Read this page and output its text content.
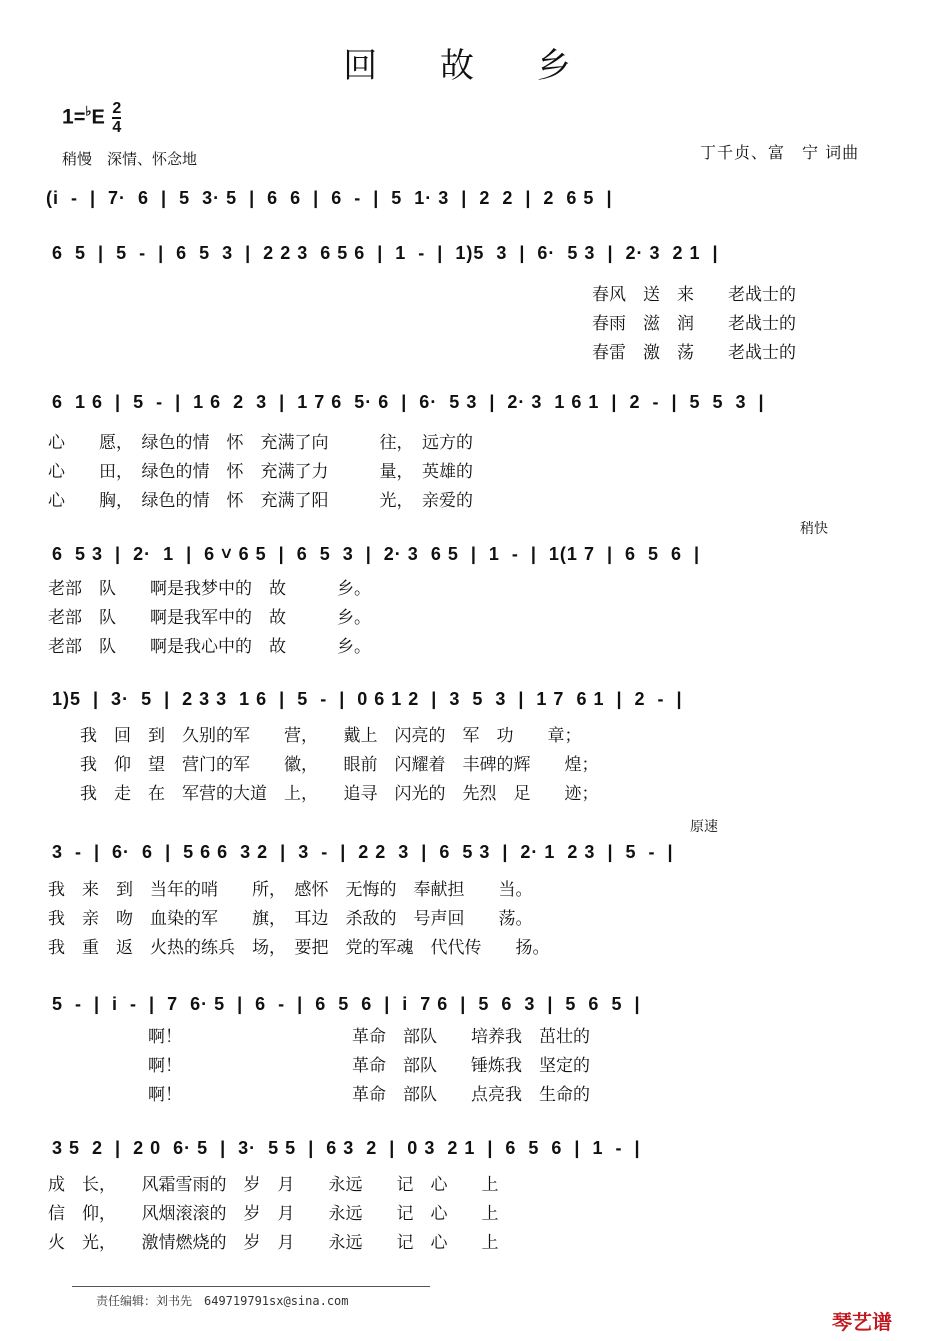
回 故 乡
$1=^♭E \frac{2}{4}$
稍慢　深情、怀念地	丁千贞、富　宁 词曲
(i  -  |  7·  6  |  5  3· 5  |  6  6  |  6  -  |  5  1· 3  |  2  2  |  2  6 5  |
6  5  |  5  -  |  6  5  3  |  2 2 3  6 5 6  |  1  -  |  1)5  3  |  6·  5 3  |  2· 3  2 1  |
春风　送　来　　老战士的
春雨　滋　润　　老战士的
春雷　激　荡　　老战士的
6  1 6  |  5  -  |  1 6  2  3  |  1 7 6  5· 6  |  6·  5 3  |  2· 3  1 6 1  |  2  -  |  5  5  3  |
心　　愿，　绿色的情　怀　充满了向　　　往，　远方的
心　　田，　绿色的情　怀　充满了力　　　量，　英雄的
心　　胸，　绿色的情　怀　充满了阳　　　光，　亲爱的
稍快
6  5 3  |  2·  1  |  6 ˅ 6 5  |  6  5  3  |  2· 3  6 5  |  1  -  |  1(1 7  |  6  5  6  |
老部　队　　啊是我梦中的　故　　　乡。
老部　队　　啊是我军中的　故　　　乡。
老部　队　　啊是我心中的　故　　　乡。
1)5  |  3·  5  |  2 3 3  1 6  |  5  -  |  0 6 1 2  |  3  5  3  |  1 7  6 1  |  2  -  |
我　回　到　久别的军　　营，　　戴上　闪亮的　军　功　　章；
我　仰　望　营门的军　　徽，　　眼前　闪耀着　丰碑的辉　　煌；
我　走　在　军营的大道　上，　　追寻　闪光的　先烈　足　　迹；
原速
3  -  |  6·  6  |  5 6 6  3 2  |  3  -  |  2 2  3  |  6  5 3  |  2· 1  2 3  |  5  -  |
我　来　到　当年的哨　　所，　感怀　无悔的　奉献担　　当。
我　亲　吻　血染的军　　旗，　耳边　杀敌的　号声回　　荡。
我　重　返　火热的练兵　场，　要把　党的军魂　代代传　　扬。
5  -  |  i  -  |  7  6· 5  |  6  -  |  6  5  6  |  i  7 6  |  5  6  3  |  5  6  5  |
　　　　啊！　　　　　　　　　　革命　部队　　培养我　茁壮的
　　　　啊！　　　　　　　　　　革命　部队　　锤炼我　坚定的
　　　　啊！　　　　　　　　　　革命　部队　　点亮我　生命的
3 5  2  |  2 0  6· 5  |  3·  5 5  |  6 3  2  |  0 3  2 1  |  6  5  6  |  1  -  |
成　长，　　风霜雪雨的　岁　月　　永远　　记　心　　上
信　仰，　　风烟滚滚的　岁　月　　永远　　记　心　　上
火　光，　　激情燃烧的　岁　月　　永远　　记　心　　上
责任编辑：刘书先　649719791sx@sina.com
琴艺谱
